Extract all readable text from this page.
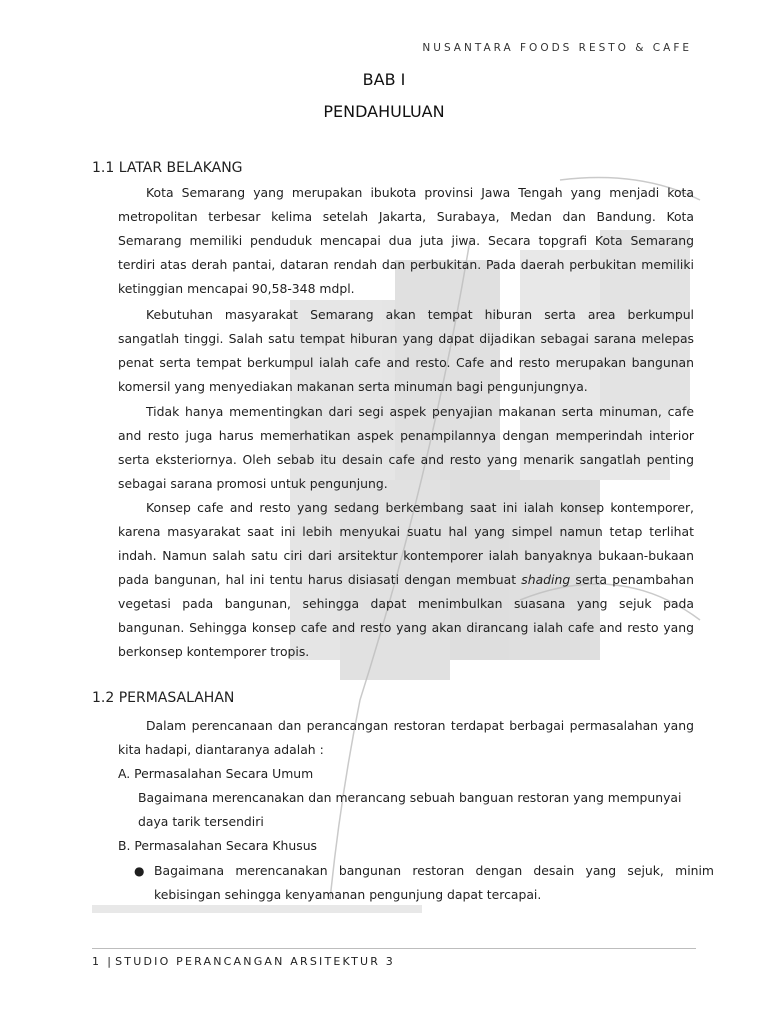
NUSANTARA FOODS RESTO & CAFE
BAB I
PENDAHULUAN
1.1 LATAR BELAKANG
Kota Semarang yang merupakan ibukota provinsi Jawa Tengah yang menjadi kota metropolitan terbesar kelima setelah Jakarta, Surabaya, Medan dan Bandung. Kota Semarang memiliki penduduk mencapai dua juta jiwa. Secara topgrafi Kota Semarang terdiri atas derah pantai, dataran rendah dan perbukitan. Pada daerah perbukitan memiliki ketinggian mencapai 90,58-348 mdpl.
Kebutuhan masyarakat Semarang akan tempat hiburan serta area berkumpul sangatlah tinggi. Salah satu tempat hiburan yang dapat dijadikan sebagai sarana melepas penat serta tempat berkumpul ialah cafe and resto. Cafe and resto merupakan bangunan komersil yang menyediakan makanan serta minuman bagi pengunjungnya.
Tidak hanya mementingkan dari segi aspek penyajian makanan serta minuman, cafe and resto juga harus memerhatikan aspek penampilannya dengan memperindah interior serta eksteriornya. Oleh sebab itu desain cafe and resto yang menarik sangatlah penting sebagai sarana promosi untuk pengunjung.
Konsep cafe and resto yang sedang berkembang saat ini ialah konsep kontemporer, karena masyarakat saat ini lebih menyukai suatu hal yang simpel namun tetap terlihat indah. Namun salah satu ciri dari arsitektur kontemporer ialah banyaknya bukaan-bukaan pada bangunan, hal ini tentu harus disiasati dengan membuat shading serta penambahan vegetasi pada bangunan, sehingga dapat menimbulkan suasana yang sejuk pada bangunan. Sehingga konsep cafe and resto yang akan dirancang ialah cafe and resto yang berkonsep kontemporer tropis.
1.2 PERMASALAHAN
Dalam perencanaan dan perancangan restoran terdapat berbagai permasalahan yang kita hadapi, diantaranya adalah :
A. Permasalahan Secara Umum
Bagaimana merencanakan dan merancang sebuah banguan restoran yang mempunyai daya tarik tersendiri
B. Permasalahan Secara Khusus
● Bagaimana merencanakan bangunan restoran dengan desain yang sejuk, minim kebisingan sehingga kenyamanan pengunjung dapat tercapai.
1 | STUDIO PERANCANGAN ARSITEKTUR 3
